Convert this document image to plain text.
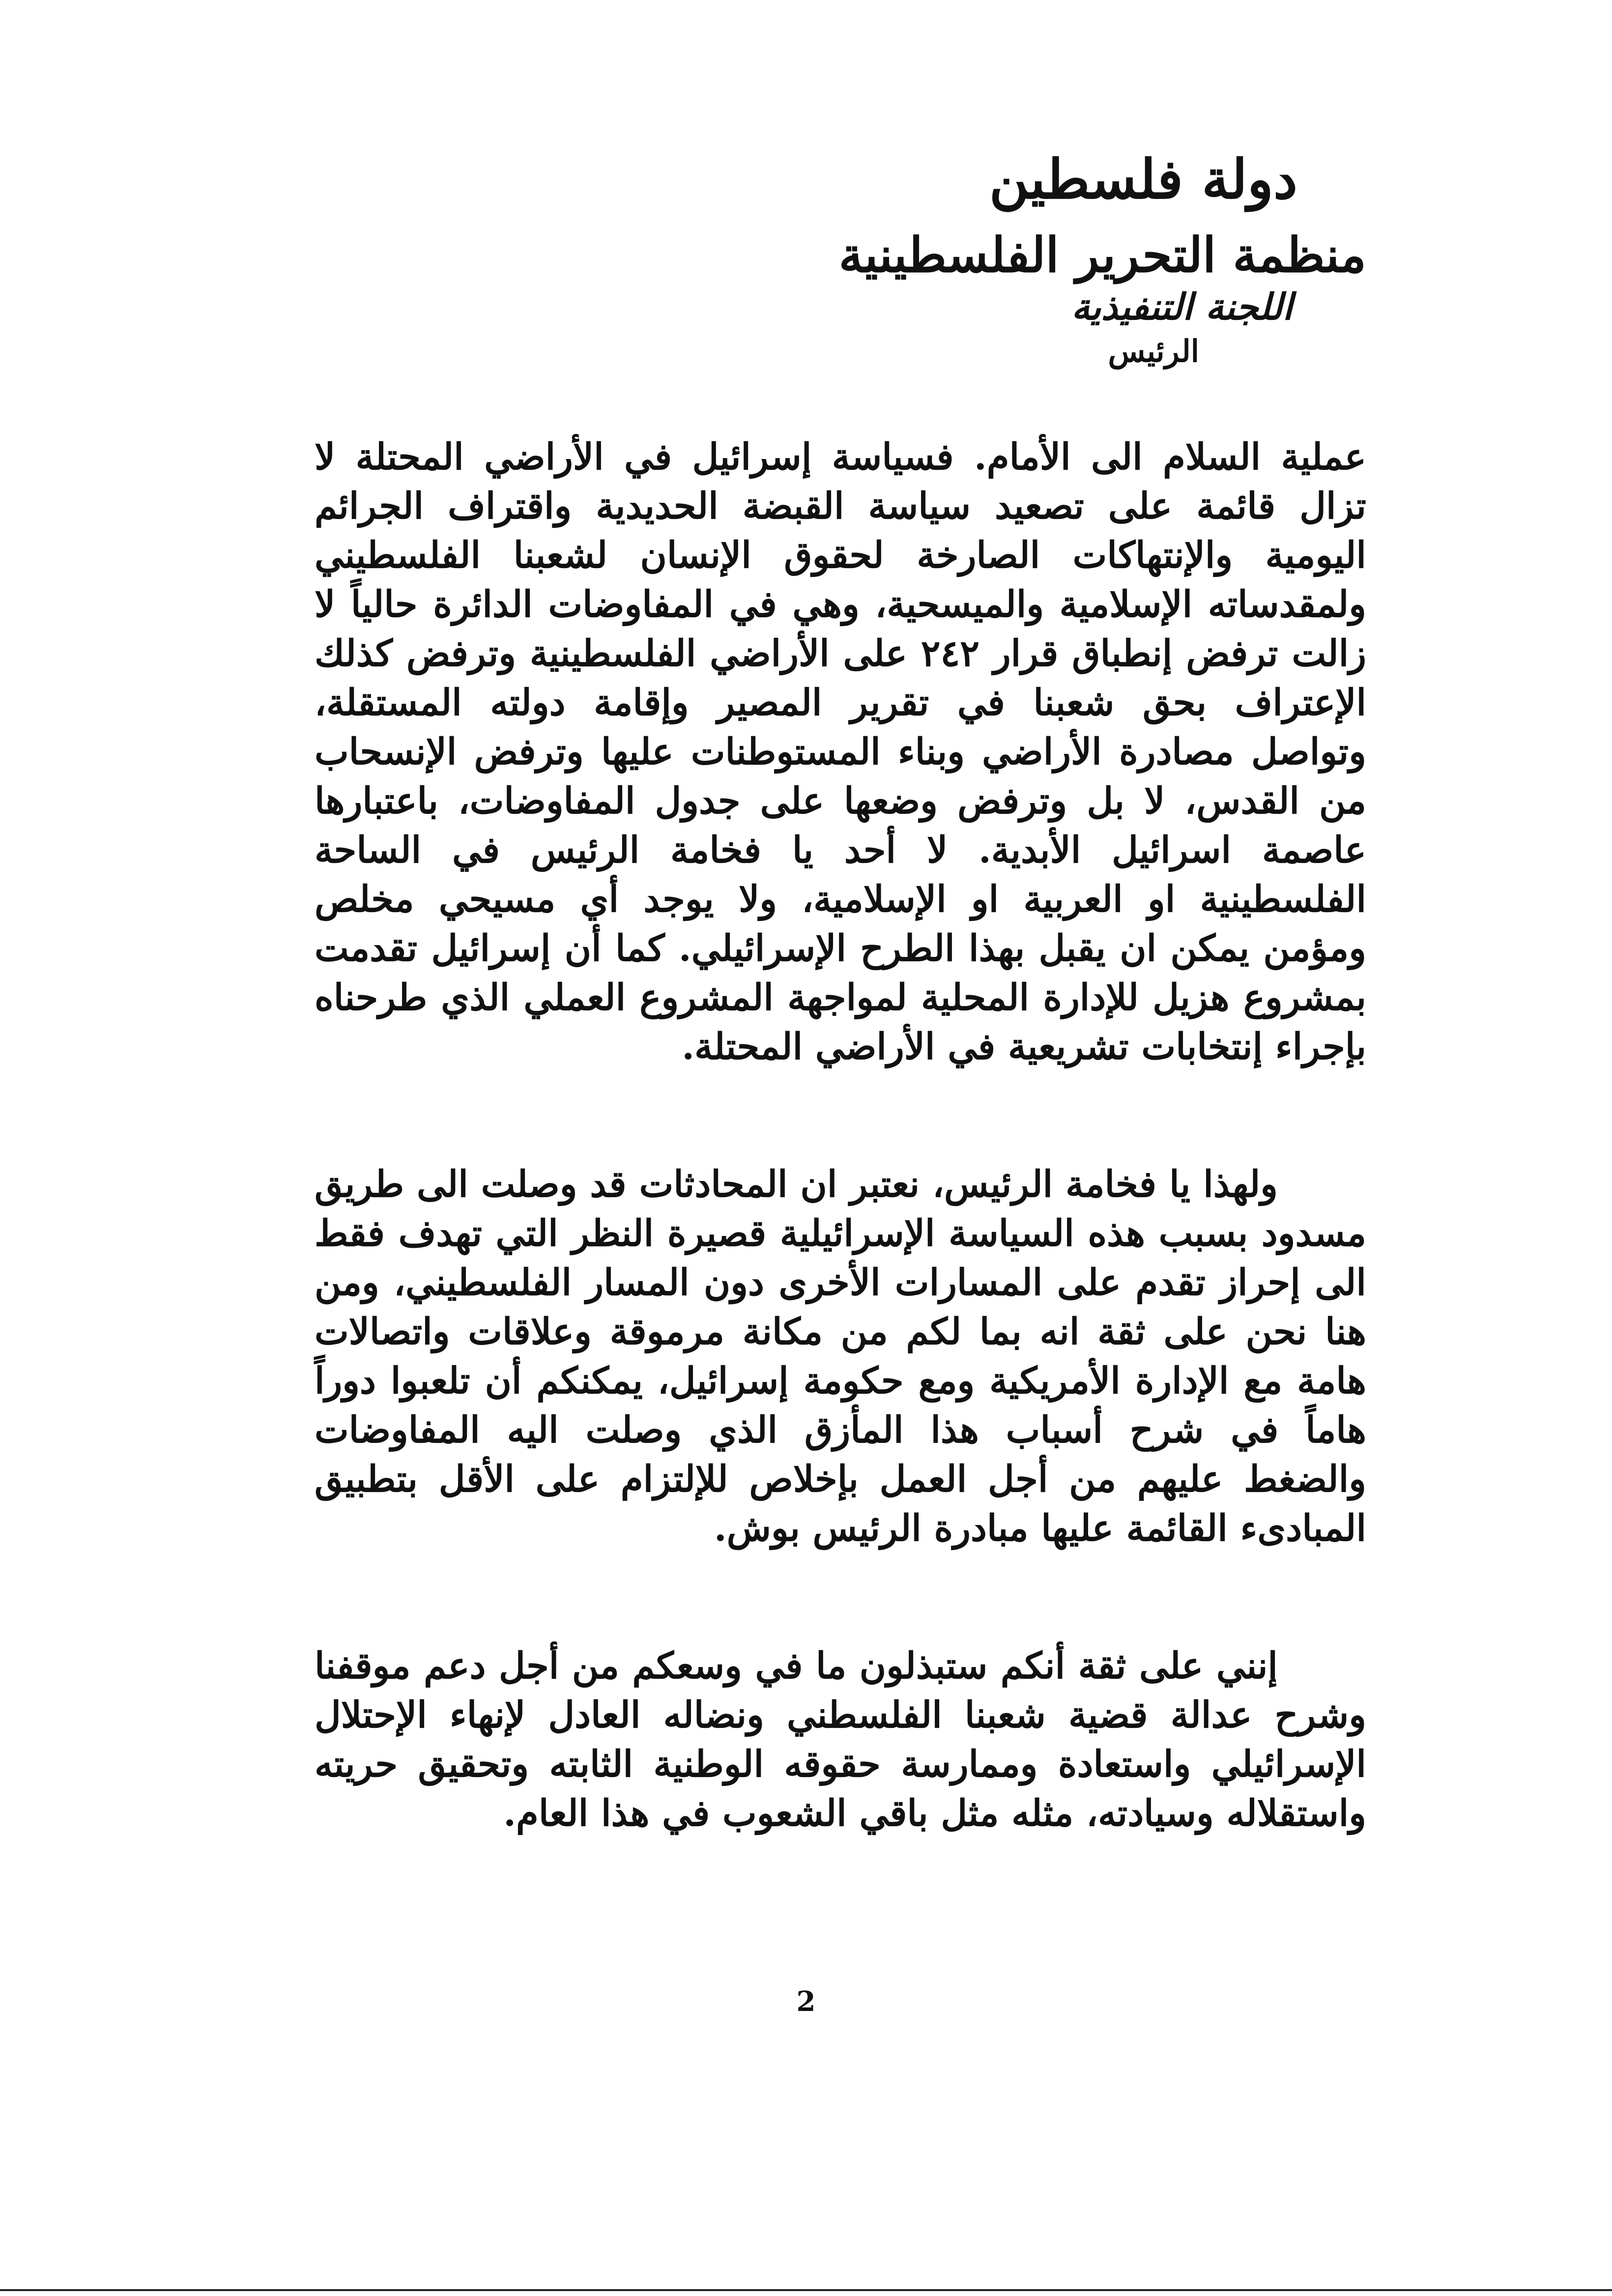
دولة فلسطين
منظمة التحرير الفلسطينية
اللجنة التنفيذية
الرئيس

عملية السلام الى الأمام. فسياسة إسرائيل في الأراضي المحتلة لا تزال قائمة على تصعيد سياسة القبضة الحديدية واقتراف الجرائم اليومية والإنتهاكات الصارخة لحقوق الإنسان لشعبنا الفلسطيني ولمقدساته الإسلامية والميسحية، وهي في المفاوضات الدائرة حالياً لا زالت ترفض إنطباق قرار ٢٤٢ على الأراضي الفلسطينية وترفض كذلك الإعتراف بحق شعبنا في تقرير المصير وإقامة دولته المستقلة، وتواصل مصادرة الأراضي وبناء المستوطنات عليها وترفض الإنسحاب من القدس، لا بل وترفض وضعها على جدول المفاوضات، باعتبارها عاصمة اسرائيل الأبدية. لا أحد يا فخامة الرئيس في الساحة الفلسطينية او العربية او الإسلامية، ولا يوجد أي مسيحي مخلص ومؤمن يمكن ان يقبل بهذا الطرح الإسرائيلي. كما أن إسرائيل تقدمت بمشروع هزيل للإدارة المحلية لمواجهة المشروع العملي الذي طرحناه بإجراء إنتخابات تشريعية في الأراضي المحتلة.

ولهذا يا فخامة الرئيس، نعتبر ان المحادثات قد وصلت الى طريق مسدود بسبب هذه السياسة الإسرائيلية قصيرة النظر التي تهدف فقط الى إحراز تقدم على المسارات الأخرى دون المسار الفلسطيني، ومن هنا نحن على ثقة انه بما لكم من مكانة مرموقة وعلاقات واتصالات هامة مع الإدارة الأمريكية ومع حكومة إسرائيل، يمكنكم أن تلعبوا دوراً هاماً في شرح أسباب هذا المأزق الذي وصلت اليه المفاوضات والضغط عليهم من أجل العمل بإخلاص للإلتزام على الأقل بتطبيق المبادىء القائمة عليها مبادرة الرئيس بوش.

إنني على ثقة أنكم ستبذلون ما في وسعكم من أجل دعم موقفنا وشرح عدالة قضية شعبنا الفلسطني ونضاله العادل لإنهاء الإحتلال الإسرائيلي واستعادة وممارسة حقوقه الوطنية الثابته وتحقيق حريته واستقلاله وسيادته، مثله مثل باقي الشعوب في هذا العام.

2
